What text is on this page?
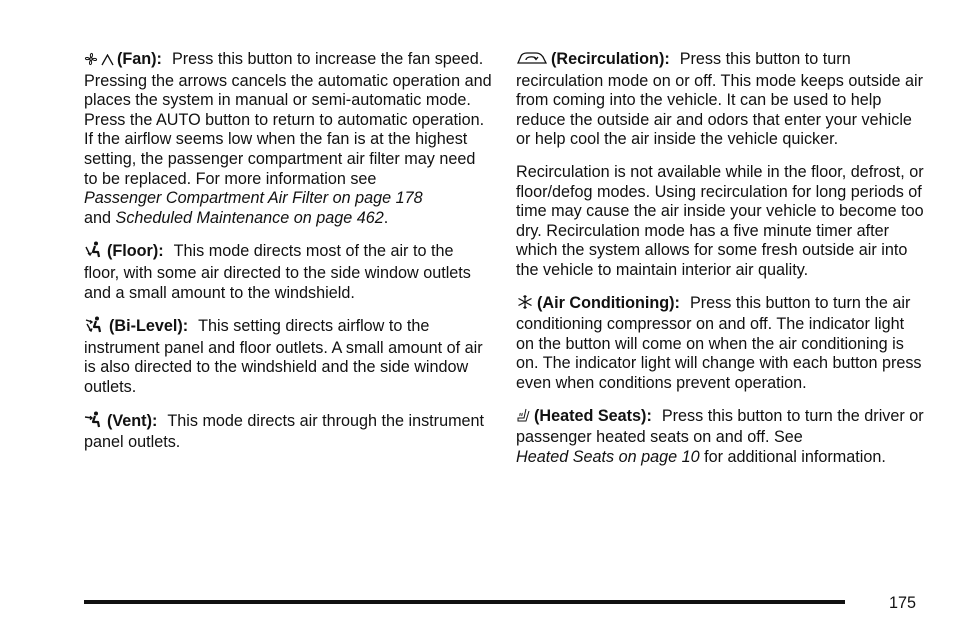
(Fan): Press this button to increase the fan speed. Pressing the arrows cancels the automatic operation and places the system in manual or semi-automatic mode. Press the AUTO button to return to automatic operation. If the airflow seems low when the fan is at the highest setting, the passenger compartment air filter may need to be replaced. For more information see
Passenger Compartment Air Filter on page 178
and Scheduled Maintenance on page 462.

(Floor): This mode directs most of the air to the floor, with some air directed to the side window outlets and a small amount to the windshield.

(Bi-Level): This setting directs airflow to the instrument panel and floor outlets. A small amount of air is also directed to the windshield and the side window outlets.

(Vent): This mode directs air through the instrument panel outlets.

(Recirculation): Press this button to turn recirculation mode on or off. This mode keeps outside air from coming into the vehicle. It can be used to help reduce the outside air and odors that enter your vehicle or help cool the air inside the vehicle quicker.

Recirculation is not available while in the floor, defrost, or floor/defog modes. Using recirculation for long periods of time may cause the air inside your vehicle to become too dry. Recirculation mode has a five minute timer after which the system allows for some fresh outside air into the vehicle to maintain interior air quality.

(Air Conditioning): Press this button to turn the air conditioning compressor on and off. The indicator light on the button will come on when the air conditioning is on. The indicator light will change with each button press even when conditions prevent operation.

(Heated Seats): Press this button to turn the driver or passenger heated seats on and off. See
Heated Seats on page 10 for additional information.

175
